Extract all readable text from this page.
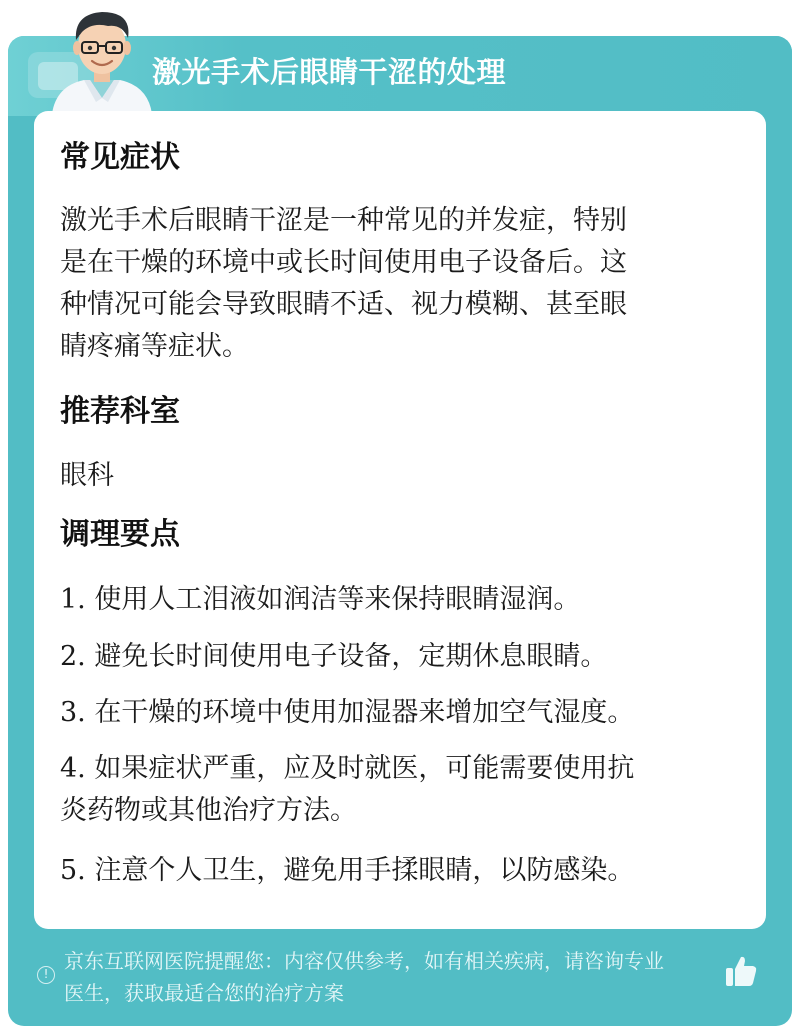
激光手术后眼睛干涩的处理
常见症状
激光手术后眼睛干涩是一种常见的并发症，特别
是在干燥的环境中或长时间使用电子设备后。这
种情况可能会导致眼睛不适、视力模糊、甚至眼
睛疼痛等症状。
推荐科室
眼科
调理要点
1. 使用人工泪液如润洁等来保持眼睛湿润。
2. 避免长时间使用电子设备，定期休息眼睛。
3. 在干燥的环境中使用加湿器来增加空气湿度。
4. 如果症状严重，应及时就医，可能需要使用抗
炎药物或其他治疗方法。
5. 注意个人卫生，避免用手揉眼睛，以防感染。
!
京东互联网医院提醒您：内容仅供参考，如有相关疾病，请咨询专业
医生，获取最适合您的治疗方案
